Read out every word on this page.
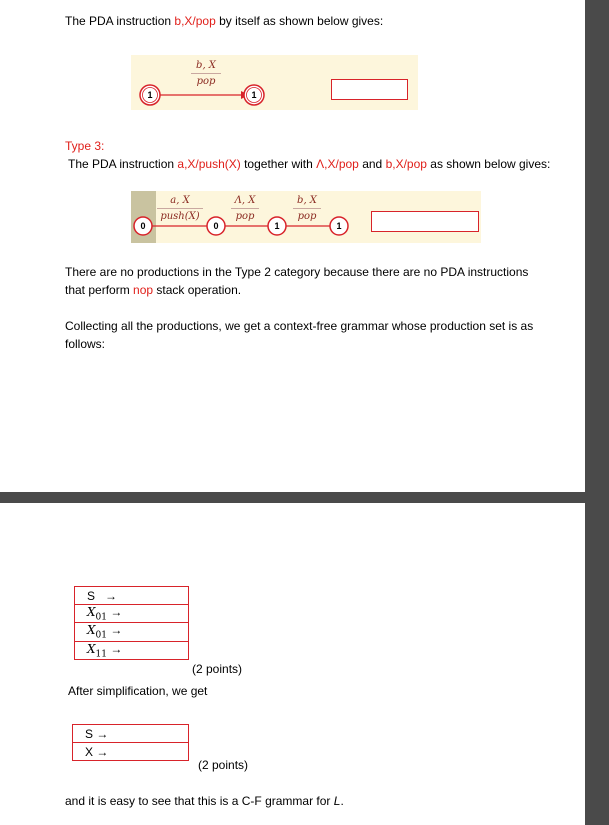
The PDA instruction b,X/pop by itself as shown below gives:
1	1
b, X
pop
Type 3:
The PDA instruction a,X/push(X) together with Λ,X/pop and b,X/pop as shown below gives:
0	0	1	1
a, X
push(X)
Λ, X
pop
b, X
pop
There are no productions in the Type 2 category because there are no PDA instructions
that perform nop stack operation.
Collecting all the productions, we get a context-free grammar whose production set is as
follows:
S →
$X_{01}$ →
$X_{01}$ →
$X_{11}$ →
(2 points)
After simplification, we get
S →
X →
(2 points)
and it is easy to see that this is a C-F grammar for L.
